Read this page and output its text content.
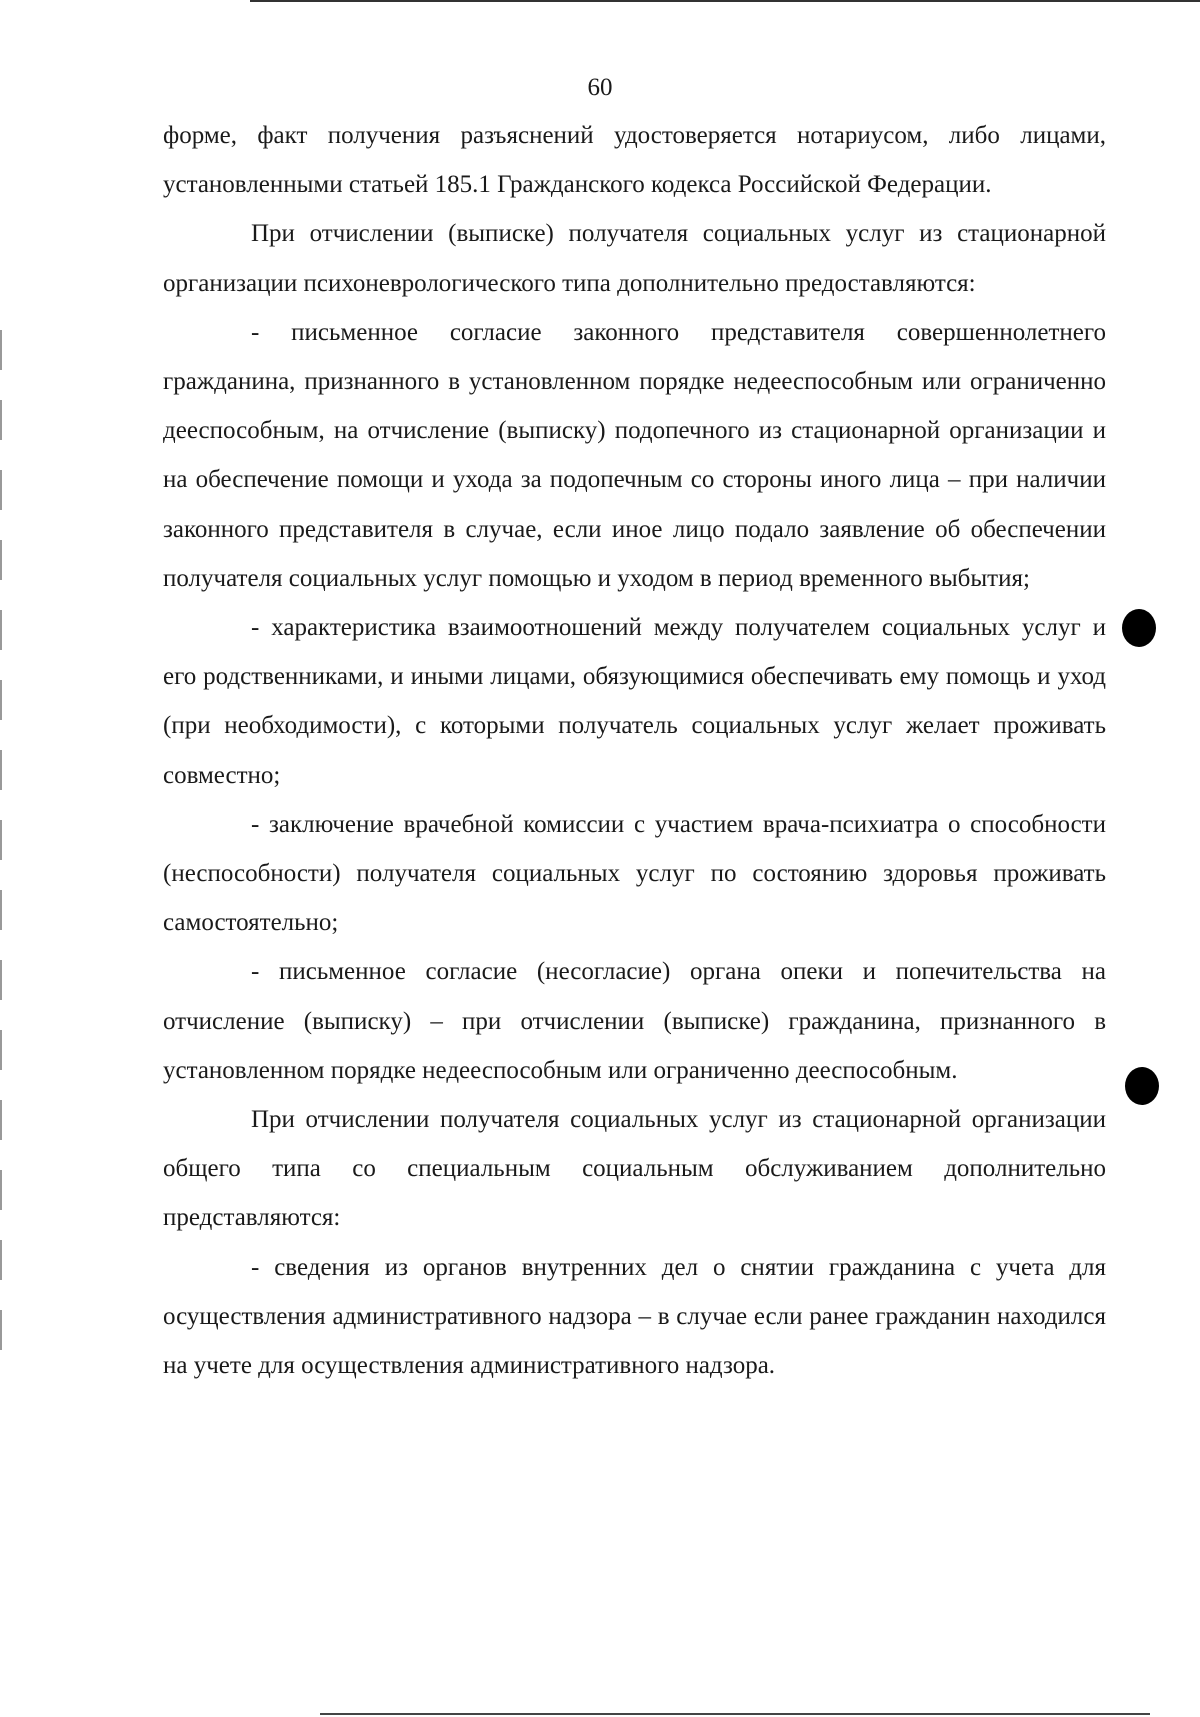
60

форме, факт получения разъяснений удостоверяется нотариусом, либо лицами, установленными статьей 185.1 Гражданского кодекса Российской Федерации.

При отчислении (выписке) получателя социальных услуг из стационарной организации психоневрологического типа дополнительно предоставляются:

- письменное согласие законного представителя совершеннолетнего гражданина, признанного в установленном порядке недееспособным или ограниченно дееспособным, на отчисление (выписку) подопечного из стационарной организации и на обеспечение помощи и ухода за подопечным со стороны иного лица – при наличии законного представителя в случае, если иное лицо подало заявление об обеспечении получателя социальных услуг помощью и уходом в период временного выбытия;

- характеристика взаимоотношений между получателем социальных услуг и его родственниками, и иными лицами, обязующимися обеспечивать ему помощь и уход (при необходимости), с которыми получатель социальных услуг желает проживать совместно;

- заключение врачебной комиссии с участием врача-психиатра о способности (неспособности) получателя социальных услуг по состоянию здоровья проживать самостоятельно;

- письменное согласие (несогласие) органа опеки и попечительства на отчисление (выписку) – при отчислении (выписке) гражданина, признанного в установленном порядке недееспособным или ограниченно дееспособным.

При отчислении получателя социальных услуг из стационарной организации общего типа со специальным социальным обслуживанием дополнительно представляются:

- сведения из органов внутренних дел о снятии гражданина с учета для осуществления административного надзора – в случае если ранее гражданин находился на учете для осуществления административного надзора.
